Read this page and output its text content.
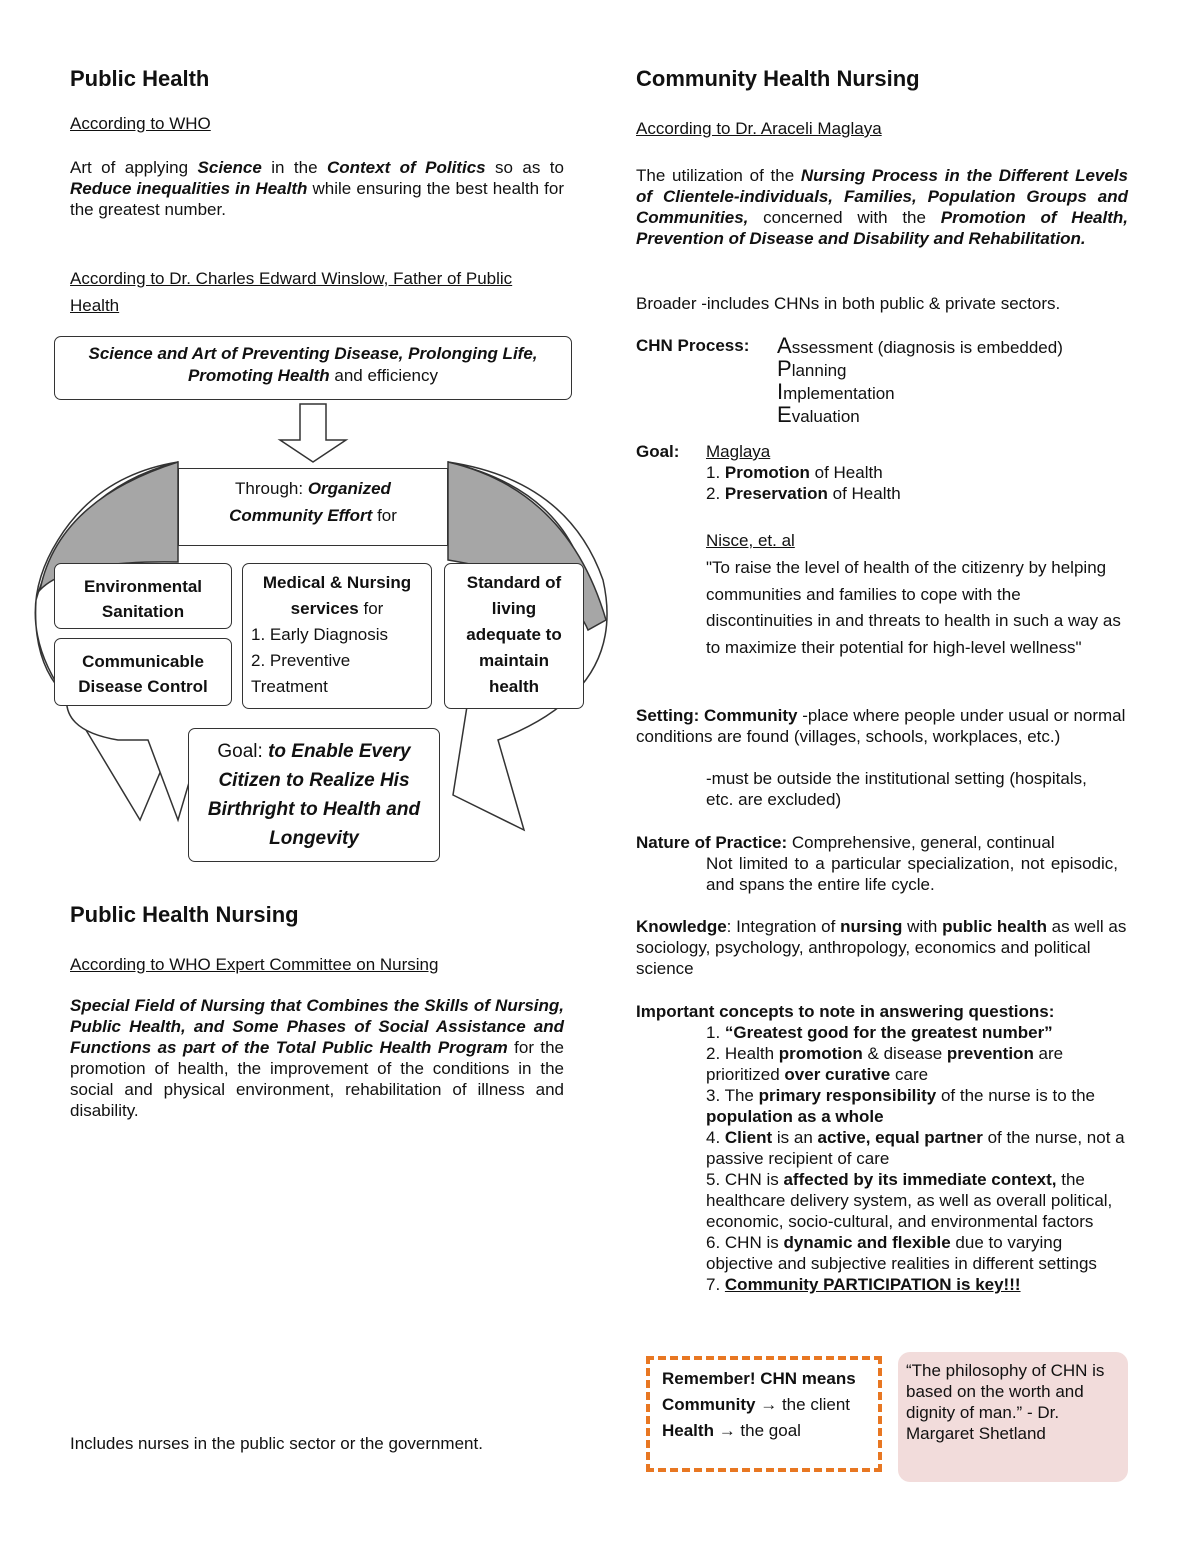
Public Health
According to WHO

Art of applying Science in the Context of Politics so as to Reduce inequalities in Health while ensuring the best health for the greatest number.

According to Dr. Charles Edward Winslow, Father of Public Health
Science and Art of Preventing Disease, Prolonging Life, Promoting Health and efficiency
Through: Organized Community Effort for
Environmental Sanitation
Communicable Disease Control
Medical & Nursing services for
1. Early Diagnosis
2. Preventive Treatment
Standard of living adequate to maintain health
Goal: to Enable Every Citizen to Realize His Birthright to Health and Longevity
Public Health Nursing
According to WHO Expert Committee on Nursing

Special Field of Nursing that Combines the Skills of Nursing, Public Health, and Some Phases of Social Assistance and Functions as part of the Total Public Health Program for the promotion of health, the improvement of the conditions in the social and physical environment, rehabilitation of illness and disability.

Includes nurses in the public sector or the government.
Community Health Nursing
According to Dr. Araceli Maglaya

The utilization of the Nursing Process in the Different Levels of Clientele-individuals, Families, Population Groups and Communities, concerned with the Promotion of Health, Prevention of Disease and Disability and Rehabilitation.

Broader -includes CHNs in both public & private sectors.
CHN Process:	Assessment (diagnosis is embedded)
Planning
Implementation
Evaluation
Goal:	Maglaya
1. Promotion of Health
2. Preservation of Health
Nisce, et. al
"To raise the level of health of the citizenry by helping communities and families to cope with the discontinuities in and threats to health in such a way as to maximize their potential for high-level wellness"
Setting: Community -place where people under usual or normal conditions are found (villages, schools, workplaces, etc.)
-must be outside the institutional setting (hospitals, etc. are excluded)
Nature of Practice: Comprehensive, general, continual
Not limited to a particular specialization, not episodic, and spans the entire life cycle.
Knowledge: Integration of nursing with public health as well as sociology, psychology, anthropology, economics and political science
Important concepts to note in answering questions:
1. “Greatest good for the greatest number”
2. Health promotion & disease prevention are prioritized over curative care
3. The primary responsibility of the nurse is to the population as a whole
4. Client is an active, equal partner of the nurse, not a passive recipient of care
5. CHN is affected by its immediate context, the healthcare delivery system, as well as overall political, economic, socio-cultural, and environmental factors
6. CHN is dynamic and flexible due to varying objective and subjective realities in different settings
7. Community PARTICIPATION is key!!!
Remember! CHN means
Community → the client
Health → the goal
“The philosophy of CHN is based on the worth and dignity of man.” - Dr. Margaret Shetland
